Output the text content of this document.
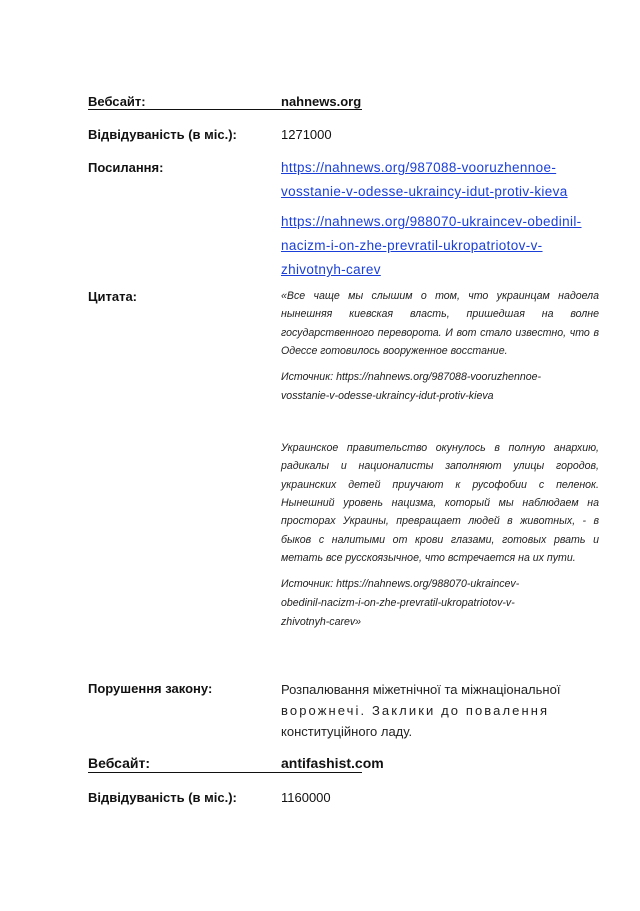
Вебсайт:	nahnews.org
Відвідуваність (в міс.):	1271000
Посилання:	https://nahnews.org/987088-vooruzhennoe-
vosstanie-v-odesse-ukraincy-idut-protiv-kieva
https://nahnews.org/988070-ukraincev-obedinil-
nacizm-i-on-zhe-prevratil-ukropatriotov-v-
zhivotnyh-carev
Цитата:	«Все чаще мы слышим о том, что украинцам надоела нынешняя киевская власть, пришедшая на волне государственного переворота. И вот стало известно, что в Одессе готовилось вооруженное восстание.
Источник: https://nahnews.org/987088-vooruzhennoe-
vosstanie-v-odesse-ukraincy-idut-protiv-kieva
Украинское правительство окунулось в полную анархию, радикалы и националисты заполняют улицы городов, украинских детей приучают к русофобии с пеленок. Нынешний уровень нацизма, который мы наблюдаем на просторах Украины, превращает людей в животных, - в быков с налитыми от крови глазами, готовых рвать и метать все русскоязычное, что встречается на их пути.
Источник: https://nahnews.org/988070-ukraincev-
obedinil-nacizm-i-on-zhe-prevratil-ukropatriotov-v-
zhivotnyh-carev»
Порушення закону:	Розпалювання міжетнічної та міжнаціональної
ворожнечі. Заклики до повалення
конституційного ладу.
Вебсайт:	antifashist.com
Відвідуваність (в міс.):	1160000
